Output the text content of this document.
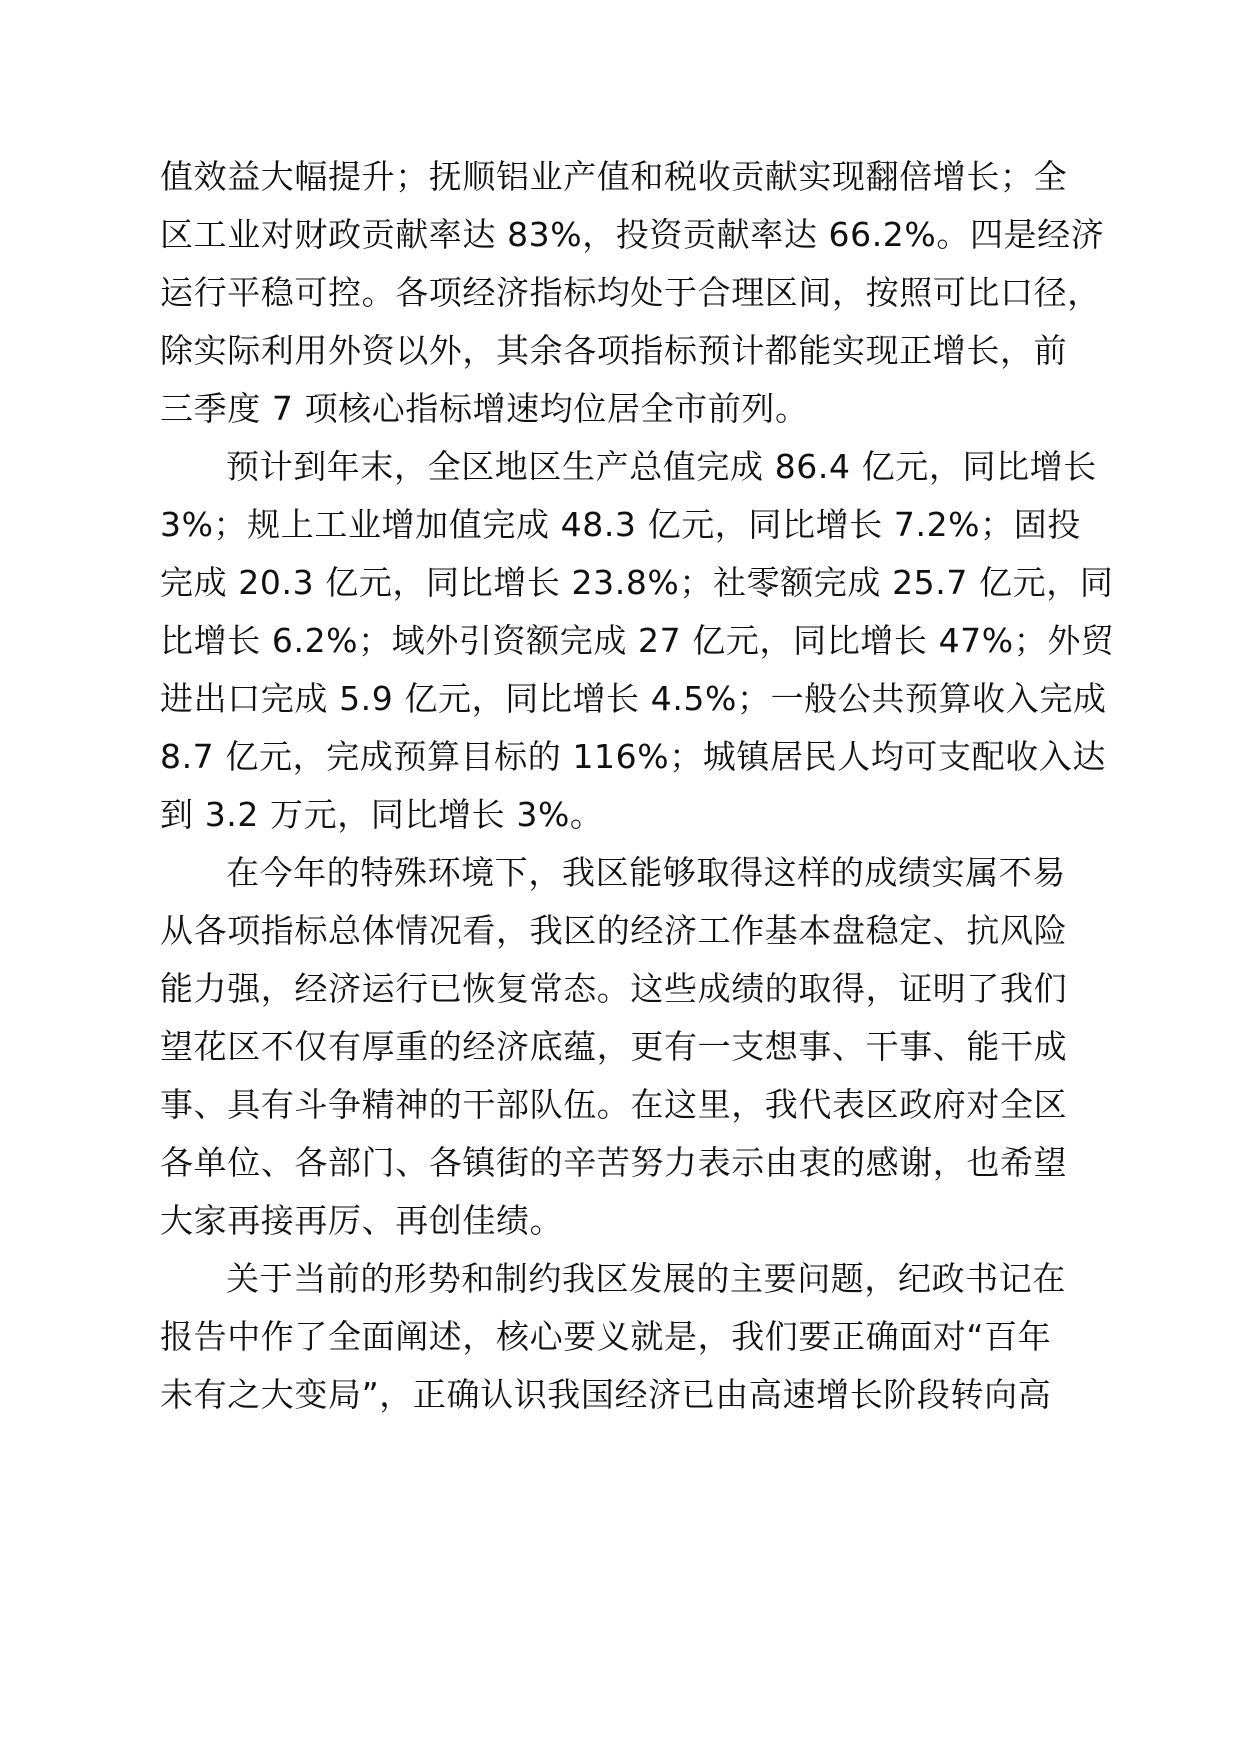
值效益大幅提升；抚顺铝业产值和税收贡献实现翻倍增长；全
区工业对财政贡献率达 83%，投资贡献率达 66.2%。四是经济
运行平稳可控。各项经济指标均处于合理区间，按照可比口径，
除实际利用外资以外，其余各项指标预计都能实现正增长，前
三季度 7 项核心指标增速均位居全市前列。
预计到年末，全区地区生产总值完成 86.4 亿元，同比增长
3%；规上工业增加值完成 48.3 亿元，同比增长 7.2%；固投
完成 20.3 亿元，同比增长 23.8%；社零额完成 25.7 亿元，同
比增长 6.2%；域外引资额完成 27 亿元，同比增长 47%；外贸
进出口完成 5.9 亿元，同比增长 4.5%；一般公共预算收入完成
8.7 亿元，完成预算目标的 116%；城镇居民人均可支配收入达
到 3.2 万元，同比增长 3%。
在今年的特殊环境下，我区能够取得这样的成绩实属不易
从各项指标总体情况看，我区的经济工作基本盘稳定、抗风险
能力强，经济运行已恢复常态。这些成绩的取得，证明了我们
望花区不仅有厚重的经济底蕴，更有一支想事、干事、能干成
事、具有斗争精神的干部队伍。在这里，我代表区政府对全区
各单位、各部门、各镇街的辛苦努力表示由衷的感谢，也希望
大家再接再厉、再创佳绩。
关于当前的形势和制约我区发展的主要问题，纪政书记在
报告中作了全面阐述，核心要义就是，我们要正确面对“百年
未有之大变局”，正确认识我国经济已由高速增长阶段转向高
